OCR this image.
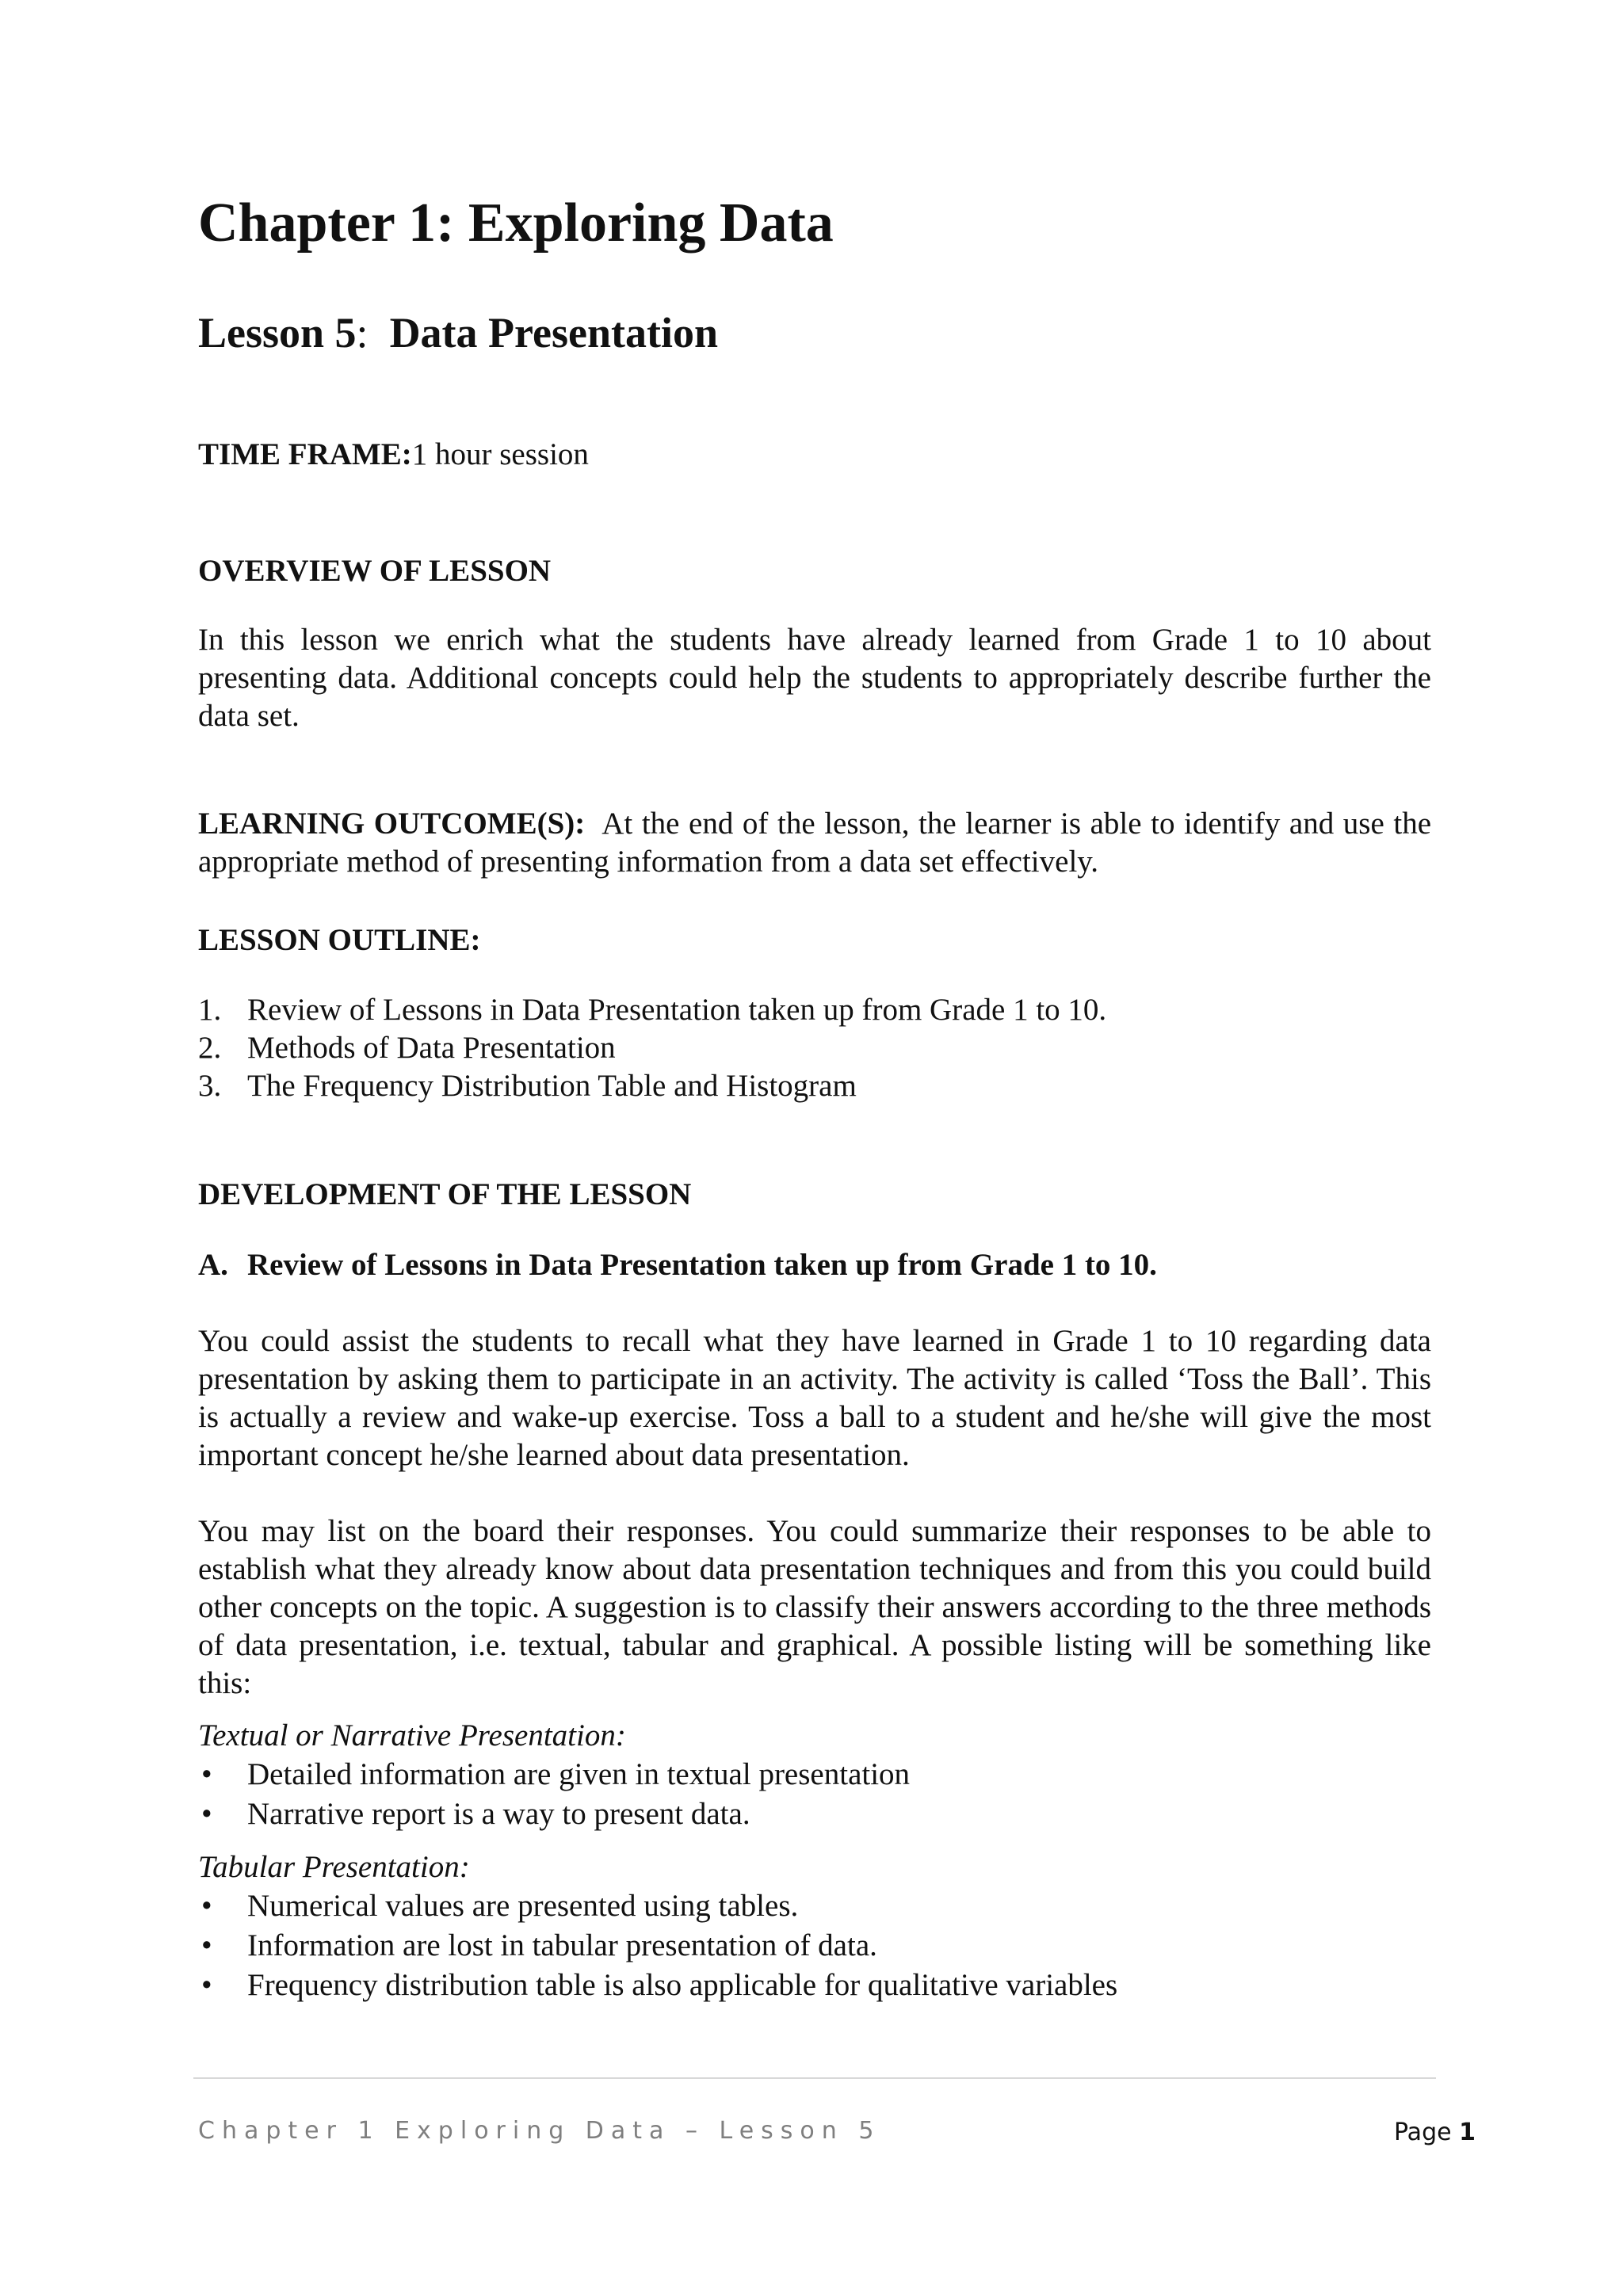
Chapter 1: Exploring Data
Lesson 5: Data Presentation

TIME FRAME:1 hour session

OVERVIEW OF LESSON

In this lesson we enrich what the students have already learned from Grade 1 to 10 about presenting data. Additional concepts could help the students to appropriately describe further the data set.

LEARNING OUTCOME(S): At the end of the lesson, the learner is able to identify and use the appropriate method of presenting information from a data set effectively.

LESSON OUTLINE:

1. Review of Lessons in Data Presentation taken up from Grade 1 to 10.
2. Methods of Data Presentation
3. The Frequency Distribution Table and Histogram

DEVELOPMENT OF THE LESSON

A. Review of Lessons in Data Presentation taken up from Grade 1 to 10.

You could assist the students to recall what they have learned in Grade 1 to 10 regarding data presentation by asking them to participate in an activity. The activity is called ‘Toss the Ball’. This is actually a review and wake-up exercise. Toss a ball to a student and he/she will give the most important concept he/she learned about data presentation.

You may list on the board their responses. You could summarize their responses to be able to establish what they already know about data presentation techniques and from this you could build other concepts on the topic. A suggestion is to classify their answers according to the three methods of data presentation, i.e. textual, tabular and graphical. A possible listing will be something like this:

Textual or Narrative Presentation:

• Detailed information are given in textual presentation
• Narrative report is a way to present data.

Tabular Presentation:

• Numerical values are presented using tables.
• Information are lost in tabular presentation of data.
• Frequency distribution table is also applicable for qualitative variables
Chapter 1 Exploring Data – Lesson 5	Page 1
